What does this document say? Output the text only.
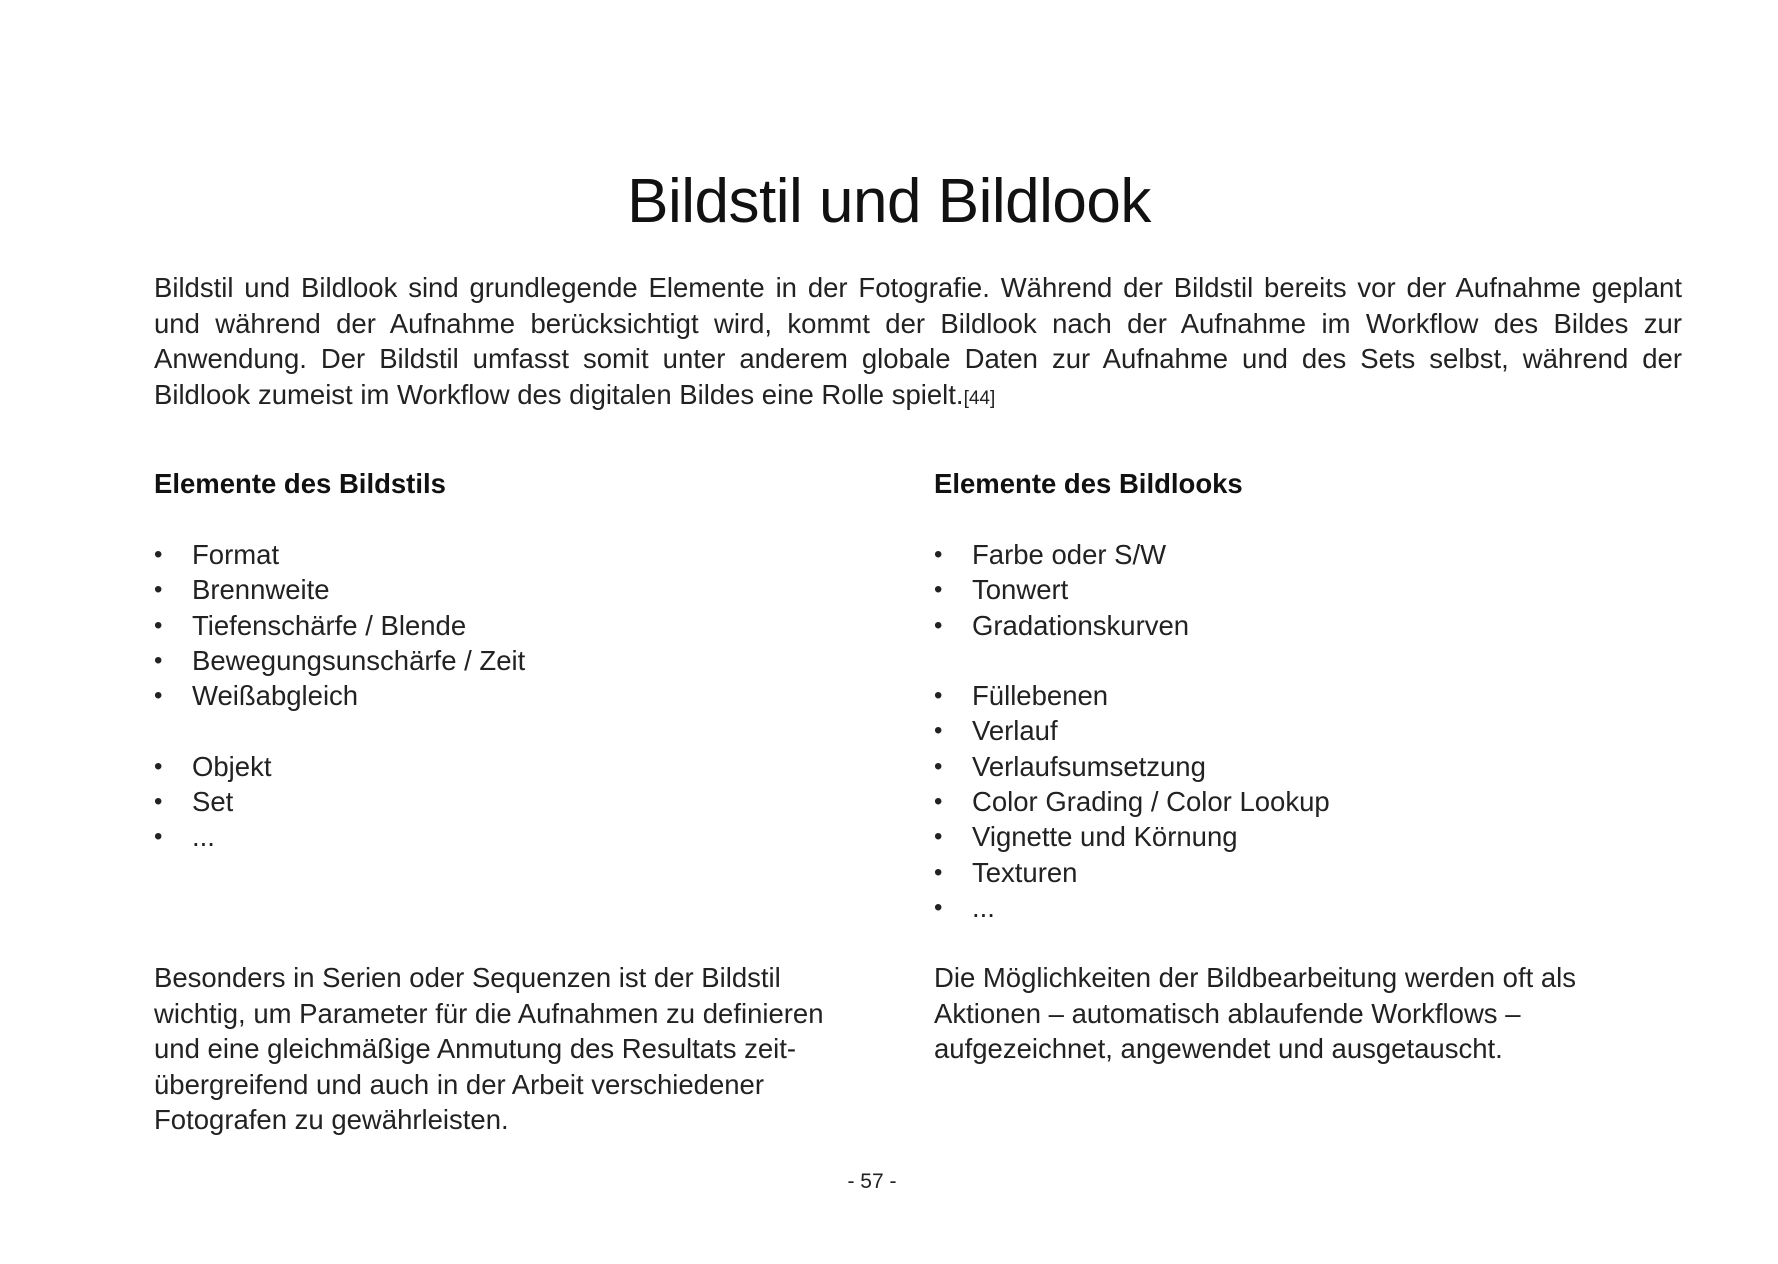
Bildstil und Bildlook

Bildstil und Bildlook sind grundlegende Elemente in der Fotografie. Während der Bildstil bereits vor der Aufnahme geplant und während der Aufnahme berücksichtigt wird, kommt der Bildlook nach der Aufnahme im Workflow des Bildes zur Anwendung. Der Bildstil umfasst somit unter anderem globale Daten zur Aufnahme und des Sets selbst, während der Bildlook zumeist im Workflow des digitalen Bildes eine Rolle spielt.[44]

Elemente des Bildstils
• Format
• Brennweite
• Tiefenschärfe / Blende
• Bewegungsunschärfe / Zeit
• Weißabgleich
• Objekt
• Set
• ...
Elemente des Bildlooks
• Farbe oder S/W
• Tonwert
• Gradationskurven
• Füllebenen
• Verlauf
• Verlaufsumsetzung
• Color Grading / Color Lookup
• Vignette und Körnung
• Texturen
• ...

Besonders in Serien oder Sequenzen ist der Bildstil wichtig, um Parameter für die Aufnahmen zu definieren und eine gleichmäßige Anmutung des Resultats zeit-übergreifend und auch in der Arbeit verschiedener Fotografen zu gewährleisten.

Die Möglichkeiten der Bildbearbeitung werden oft als Aktionen – automatisch ablaufende Workflows – aufgezeichnet, angewendet und ausgetauscht.

- 57 -
